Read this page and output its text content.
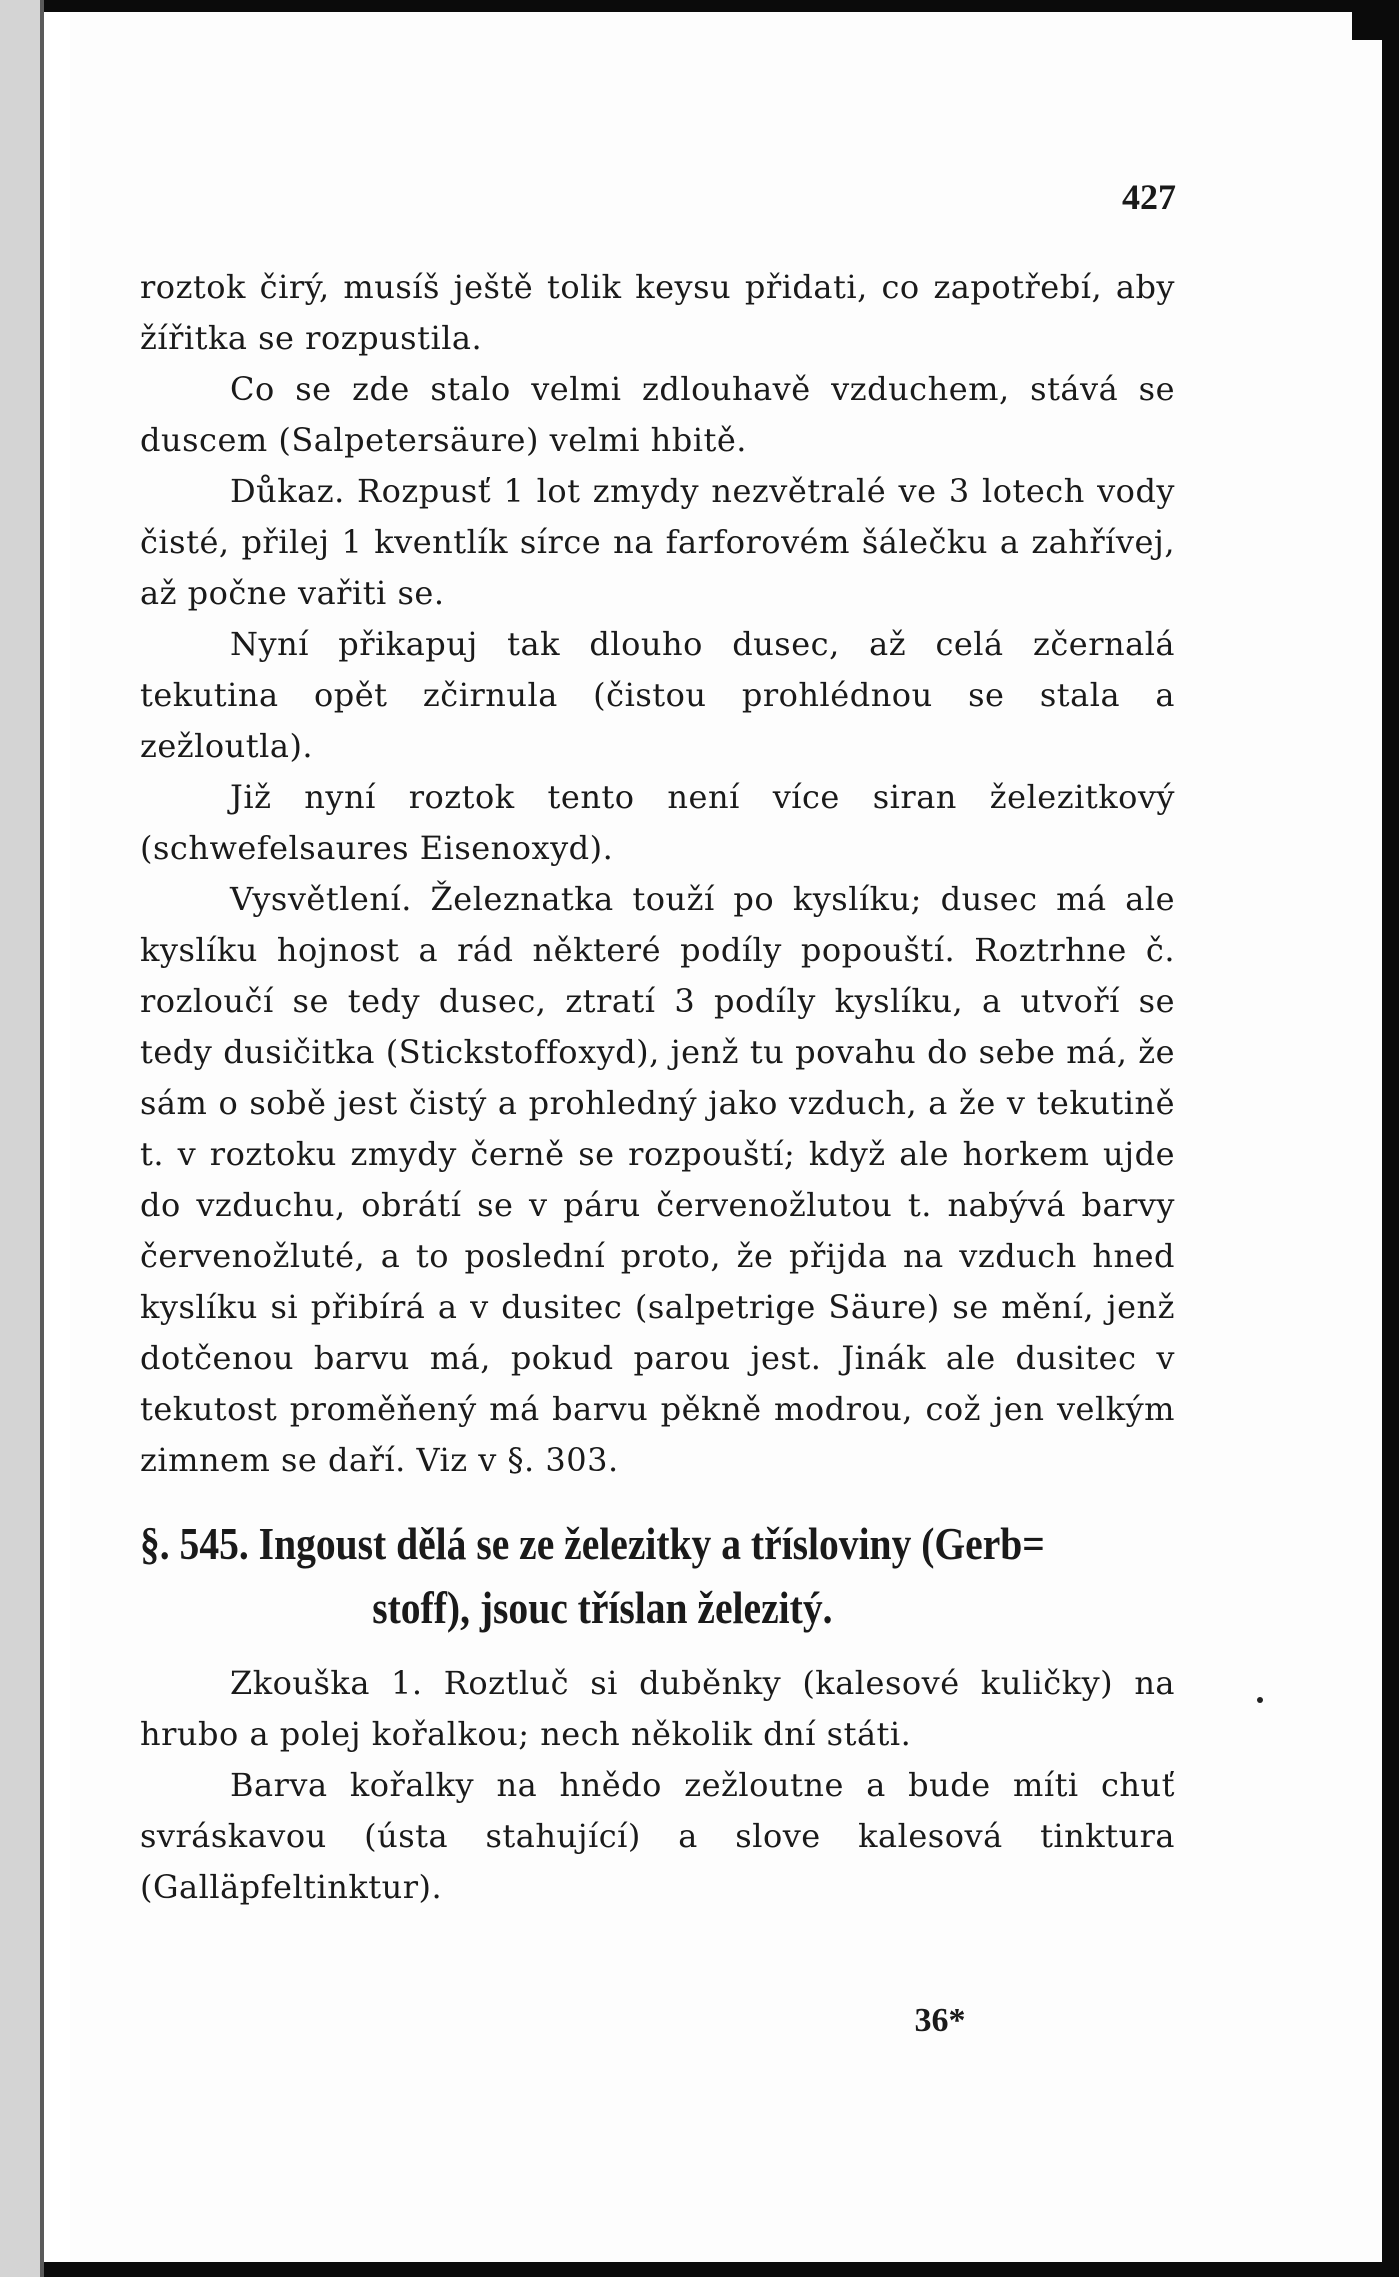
427

roztok čirý, musíš ještě tolik keysu přidati, co zapotřebí, aby žířitka se rozpustila.

Co se zde stalo velmi zdlouhavě vzduchem, stává se duscem (Salpetersäure) velmi hbitě.

Důkaz. Rozpusť 1 lot zmydy nezvětralé ve 3 lotech vody čisté, přilej 1 kventlík sírce na farforovém šálečku a zahřívej, až počne vařiti se.

Nyní přikapuj tak dlouho dusec, až celá zčernalá tekutina opět zčirnula (čistou prohlédnou se stala a zežloutla).

Již nyní roztok tento není více siran železitkový (schwefelsaures Eisenoxyd).

Vysvětlení. Železnatka touží po kyslíku; dusec má ale kyslíku hojnost a rád některé podíly popouští. Roztrhne č. rozloučí se tedy dusec, ztratí 3 podíly kyslíku, a utvoří se tedy dusičitka (Stickstoffoxyd), jenž tu povahu do sebe má, že sám o sobě jest čistý a prohledný jako vzduch, a že v tekutině t. v roztoku zmydy černě se rozpouští; když ale horkem ujde do vzduchu, obrátí se v páru červenožlutou t. nabývá barvy červenožluté, a to poslední proto, že přijda na vzduch hned kyslíku si přibírá a v dusitec (salpetrige Säure) se mění, jenž dotčenou barvu má, pokud parou jest. Jinák ale dusitec v tekutost proměňený má barvu pěkně modrou, což jen velkým zimnem se daří. Viz v §. 303.

§. 545. Ingoust dělá se ze železitky a třísloviny (Gerb=
stoff), jsouc tříslan železitý.

Zkouška 1. Roztluč si duběnky (kalesové kuličky) na hrubo a polej kořalkou; nech několik dní státi.

Barva kořalky na hnědo zežloutne a bude míti chuť svráskavou (ústa stahující) a slove kalesová tinktura (Galläpfeltinktur).

36*
